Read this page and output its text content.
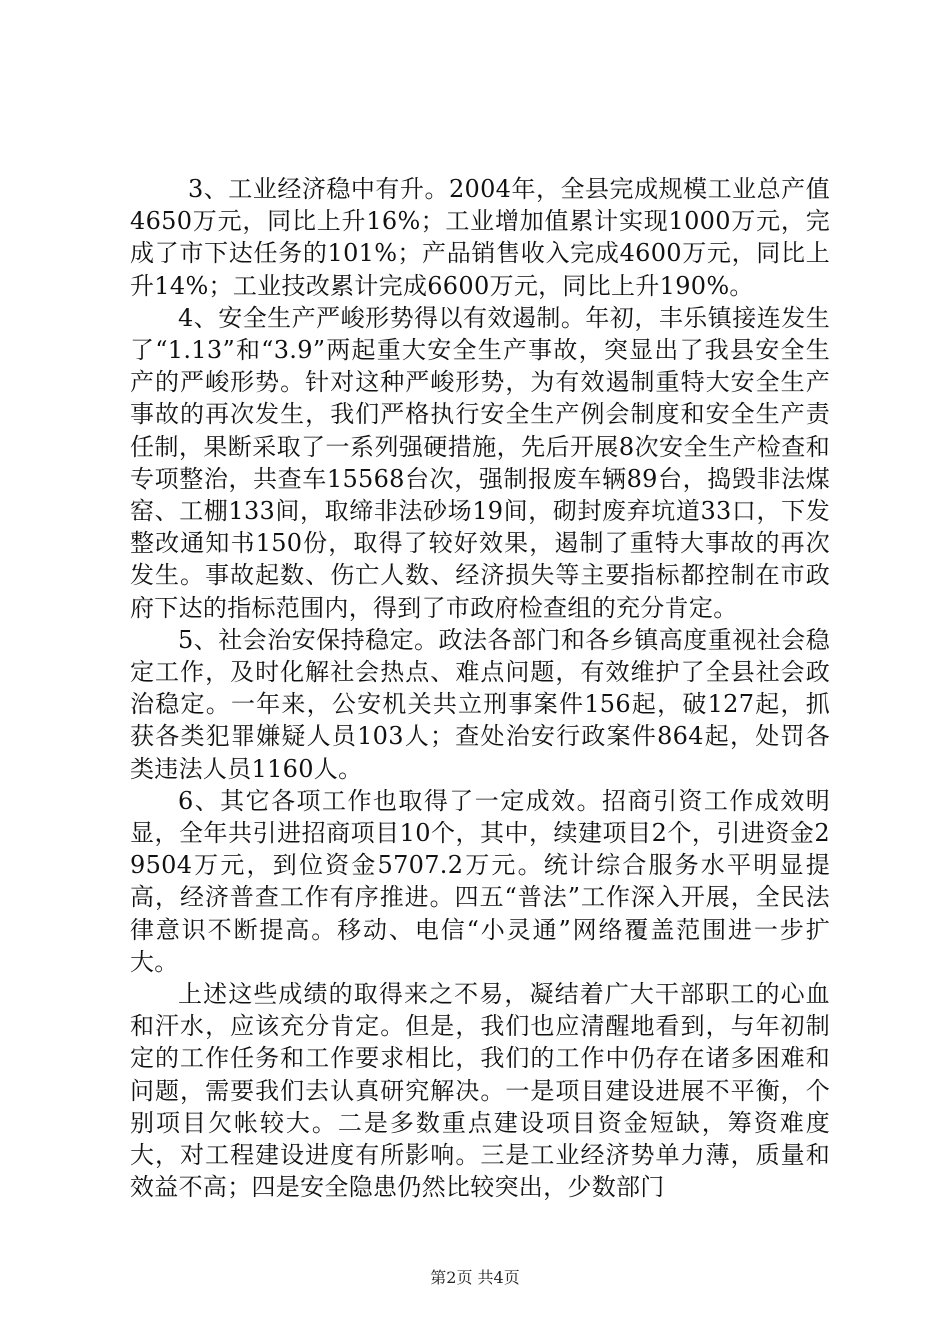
3、工业经济稳中有升。2004年，全县完成规模工业总产值4650万元，同比上升16%；工业增加值累计实现1000万元，完成了市下达任务的101%；产品销售收入完成4600万元，同比上升14%；工业技改累计完成6600万元，同比上升190%。

4、安全生产严峻形势得以有效遏制。年初，丰乐镇接连发生了“1.13”和“3.9”两起重大安全生产事故，突显出了我县安全生产的严峻形势。针对这种严峻形势，为有效遏制重特大安全生产事故的再次发生，我们严格执行安全生产例会制度和安全生产责任制，果断采取了一系列强硬措施，先后开展8次安全生产检查和专项整治，共查车15568台次，强制报废车辆89台，捣毁非法煤窑、工棚133间，取缔非法砂场19间，砌封废弃坑道33口，下发整改通知书150份，取得了较好效果，遏制了重特大事故的再次发生。事故起数、伤亡人数、经济损失等主要指标都控制在市政府下达的指标范围内，得到了市政府检查组的充分肯定。

5、社会治安保持稳定。政法各部门和各乡镇高度重视社会稳定工作，及时化解社会热点、难点问题，有效维护了全县社会政治稳定。一年来，公安机关共立刑事案件156起，破127起，抓获各类犯罪嫌疑人员103人；查处治安行政案件864起，处罚各类违法人员1160人。

6、其它各项工作也取得了一定成效。招商引资工作成效明显，全年共引进招商项目10个，其中，续建项目2个，引进资金29504万元，到位资金5707.2万元。统计综合服务水平明显提高，经济普查工作有序推进。四五“普法”工作深入开展，全民法律意识不断提高。移动、电信“小灵通”网络覆盖范围进一步扩大。

上述这些成绩的取得来之不易，凝结着广大干部职工的心血和汗水，应该充分肯定。但是，我们也应清醒地看到，与年初制定的工作任务和工作要求相比，我们的工作中仍存在诸多困难和问题，需要我们去认真研究解决。一是项目建设进展不平衡，个别项目欠帐较大。二是多数重点建设项目资金短缺，筹资难度大，对工程建设进度有所影响。三是工业经济势单力薄，质量和效益不高；四是安全隐患仍然比较突出，少数部门

第2页 共4页
